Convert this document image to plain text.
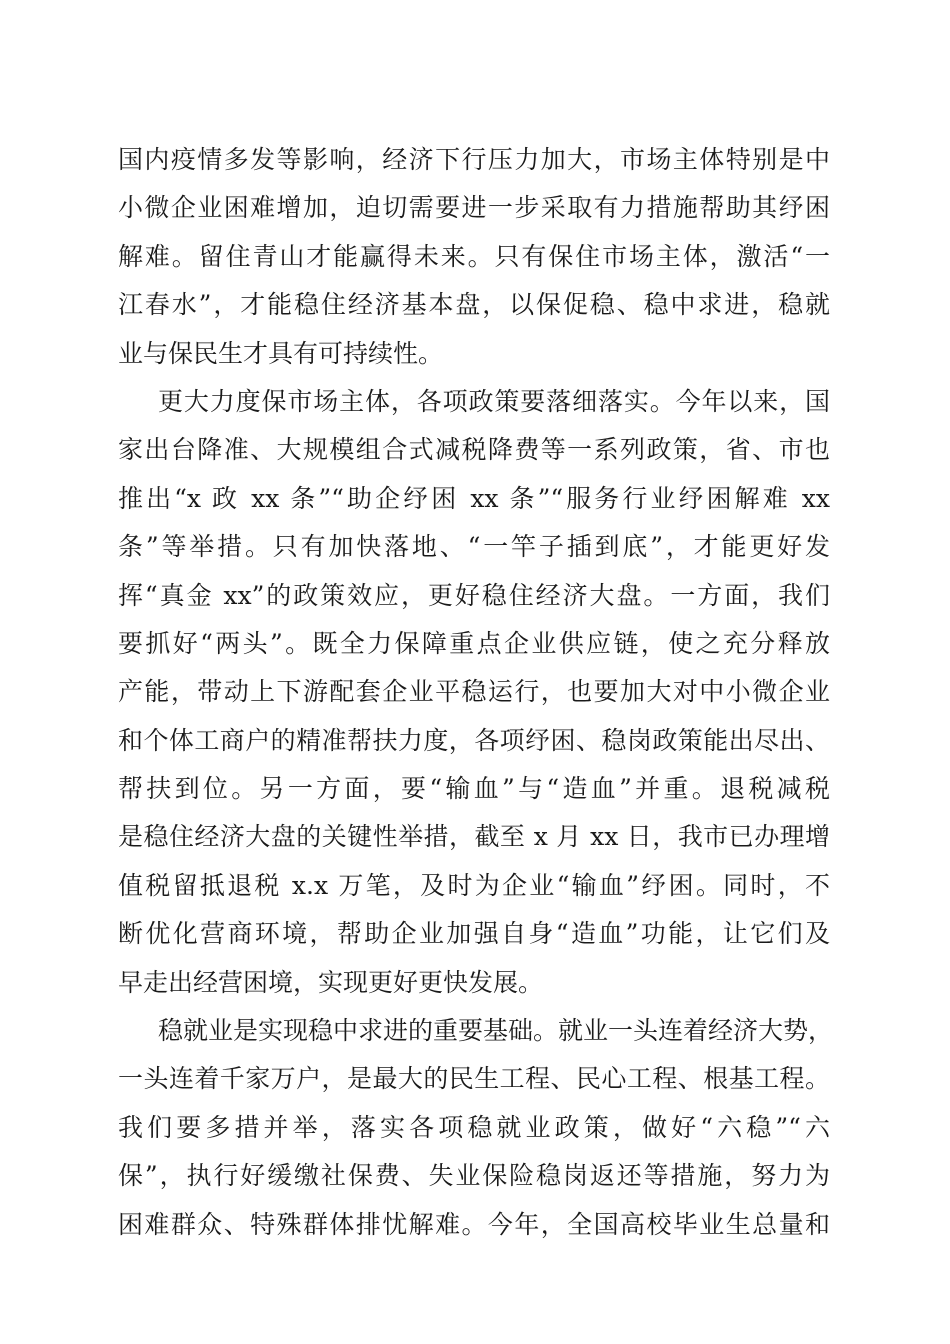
国内疫情多发等影响，经济下行压力加大，市场主体特别是中
小微企业困难增加，迫切需要进一步采取有力措施帮助其纾困
解难。留住青山才能赢得未来。只有保住市场主体，激活“一
江春水”，才能稳住经济基本盘，以保促稳、稳中求进，稳就
业与保民生才具有可持续性。
更大力度保市场主体，各项政策要落细落实。今年以来，国
家出台降准、大规模组合式减税降费等一系列政策，省、市也
推出“x 政 xx 条”“助企纾困 xx 条”“服务行业纾困解难 xx
条”等举措。只有加快落地、“一竿子插到底”，才能更好发
挥“真金 xx”的政策效应，更好稳住经济大盘。一方面，我们
要抓好“两头”。既全力保障重点企业供应链，使之充分释放
产能，带动上下游配套企业平稳运行，也要加大对中小微企业
和个体工商户的精准帮扶力度，各项纾困、稳岗政策能出尽出、
帮扶到位。另一方面，要“输血”与“造血”并重。退税减税
是稳住经济大盘的关键性举措，截至 x 月 xx 日，我市已办理增
值税留抵退税 x.x 万笔，及时为企业“输血”纾困。同时，不
断优化营商环境，帮助企业加强自身“造血”功能，让它们及
早走出经营困境，实现更好更快发展。
稳就业是实现稳中求进的重要基础。就业一头连着经济大势，
一头连着千家万户，是最大的民生工程、民心工程、根基工程。
我们要多措并举，落实各项稳就业政策，做好“六稳”“六
保”，执行好缓缴社保费、失业保险稳岗返还等措施，努力为
困难群众、特殊群体排忧解难。今年，全国高校毕业生总量和
